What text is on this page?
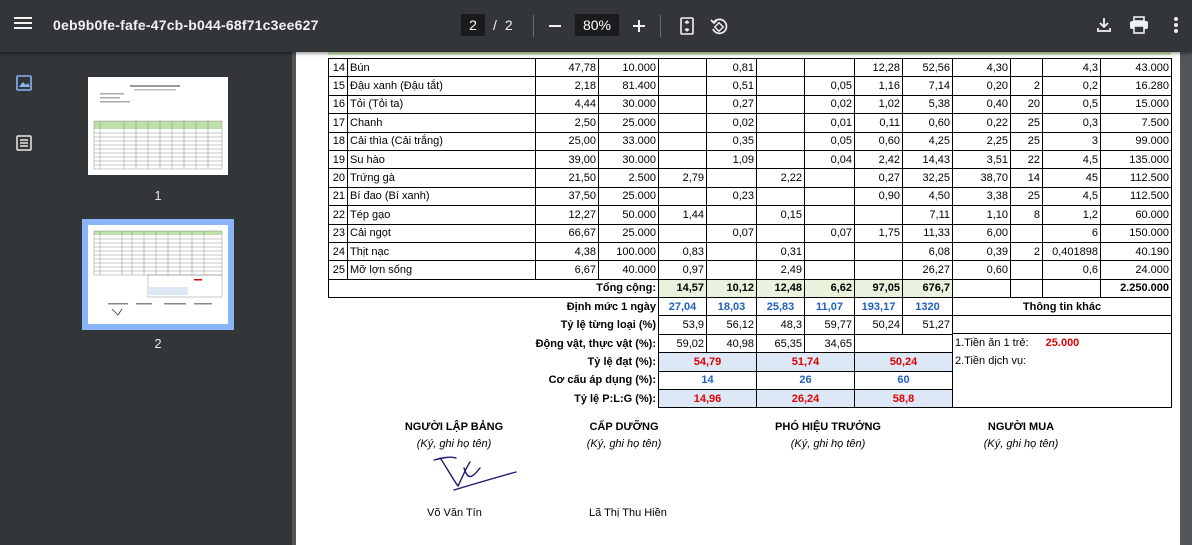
0eb9b0fe-fafe-47cb-b044-68f71c3ee627
2	/ 2
80%
1
2
14	Bún	47,78	10.000		0,81			12,28	52,56	4,30		4,3	43.000
15	Đậu xanh (Đậu tắt)	2,18	81.400		0,51		0,05	1,16	7,14	0,20	2	0,2	16.280
16	Tỏi (Tỏi ta)	4,44	30.000		0,27		0,02	1,02	5,38	0,40	20	0,5	15.000
17	Chanh	2,50	25.000		0,02		0,01	0,11	0,60	0,22	25	0,3	7.500
18	Cải thìa (Cải trắng)	25,00	33.000		0,35		0,05	0,60	4,25	2,25	25	3	99.000
19	Su hào	39,00	30.000		1,09		0,04	2,42	14,43	3,51	22	4,5	135.000
20	Trứng gà	21,50	2.500	2,79		2,22		0,27	32,25	38,70	14	45	112.500
21	Bí đao (Bí xanh)	37,50	25.000		0,23			0,90	4,50	3,38	25	4,5	112.500
22	Tép gạo	12,27	50.000	1,44		0,15			7,11	1,10	8	1,2	60.000
23	Cải ngọt	66,67	25.000		0,07		0,07	1,75	11,33	6,00		6	150.000
24	Thịt nạc	4,38	100.000	0,83		0,31			6,08	0,39	2	0,401898	40.190
25	Mỡ lợn sống	6,67	40.000	0,97		2,49			26,27	0,60		0,6	24.000
Tổng cộng:				14,57	10,12	12,48	6,62	97,05	676,7				2.250.000
Định mức 1 ngày				27,04	18,03	25,83	11,07	193,17	1320	Thông tin khác			
Tỷ lệ từng loại (%)				53,9	56,12	48,3	59,77	50,24	51,27	1.Tiền ăn 1 trẻ: 25.000
2.Tiền dịch vụ:			

Động vật, thực vật (%):				59,02	40,98	65,35	34,65						
Tỷ lệ đạt (%):				54,79		51,74		50,24					
Cơ cấu áp dụng (%):				14		26		60					
Tỷ lệ P:L:G (%):				14,96		26,24		58,8					
NGƯỜI LẬP BẢNG
(Ký, ghi họ tên)
CẤP DƯỠNG
(Ký, ghi họ tên)
PHÓ HIỆU TRƯỞNG
(Ký, ghi họ tên)
NGƯỜI MUA
(Ký, ghi họ tên)
Võ Văn Tín	Lã Thị Thu Hiền
